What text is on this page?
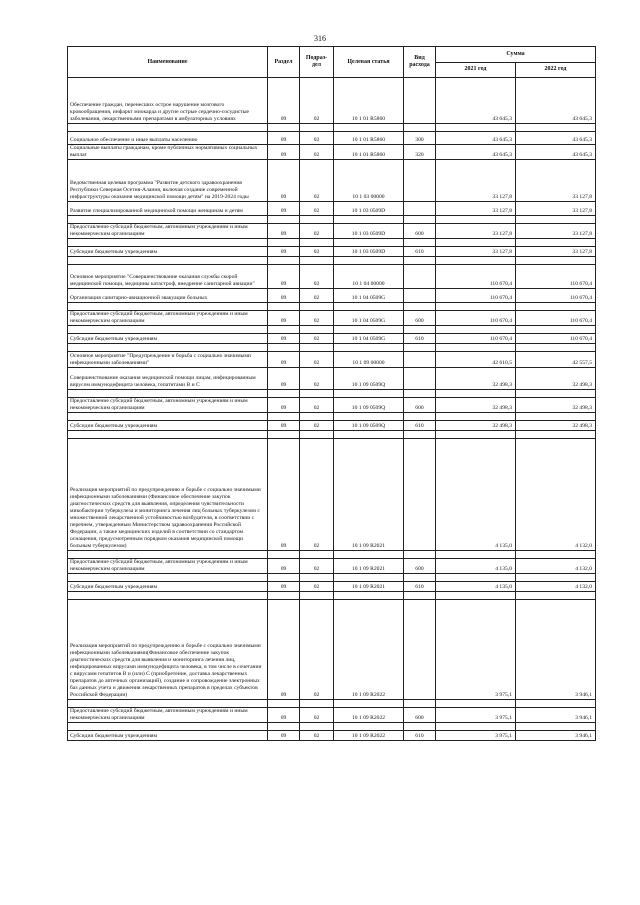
316
Наименование	Раздел	Подраз-дел	Целевая статья	Вид расхода	Сумма	
					2021 год	2022 год
Обеспечение граждан, перенесших острое нарушение мозгового кровообращения, инфаркт миокарда и другие острые сердечно-сосудистые заболевания, лекарственными препаратами в амбулаторных условиях	09	02	10 1 01 R5860		43 645,3	43 645,3

Социальное обеспечение и иные выплаты населению	09	02	10 1 01 R5860	300	43 645,3	43 645,3
Социальные выплаты гражданам, кроме публичных нормативных социальных выплат	09	02	10 1 01 R5860	320	43 645,3	43 645,3
Ведомственная целевая программа "Развитие детского здравоохранения Республики Северная Осетия-Алания, включая создание современной инфраструктуры оказания медицинской помощи детям" на 2019-2024 годы	09	02	10 1 03 00000		33 127,8	33 127,8
Развитие специализированной медицинской помощи женщинам и детям	09	02	10 1 03 0509D		33 127,8	33 127,8

Предоставление субсидий бюджетным, автономным учреждениям и иным некоммерческим организациям	09	02	10 1 03 0509D	600	33 127,8	33 127,8

Субсидии бюджетным учреждениям	09	02	10 1 03 0509D	610	33 127,8	33 127,8

Основное мероприятие "Совершенствование оказания службы скорой медицинской помощи, медицины катастроф, внедрение санитарной авиации"	09	02	10 1 04 00000		110 670,4	110 670,4
Организация санитарно-авиационной эвакуации больных	09	02	10 1 04 0509G		110 670,4	110 670,4

Предоставление субсидий бюджетным, автономным учреждениям и иным некоммерческим организациям	09	02	10 1 04 0509G	600	110 670,4	110 670,4

Субсидии бюджетным учреждениям	09	02	10 1 04 0509G	610	110 670,4	110 670,4

Основное мероприятие "Предупреждение и борьба с социально значимыми инфекционными заболеваниями"	09	02	10 1 09 00000		42 610,5	42 557,5
Совершенствование оказания медицинской помощи лицам, инфицированным вирусом иммунодефицита человека, гепатитами B и C	09	02	10 1 09 0509Q		32 498,3	32 498,3

Предоставление субсидий бюджетным, автономным учреждениям и иным некоммерческим организациям	09	02	10 1 09 0509Q	600	32 498,3	32 498,3

Субсидии бюджетным учреждениям	09	02	10 1 09 0509Q	610	32 498,3	32 498,3

Реализация мероприятий по предупреждению и борьбе с социально значимыми инфекционными заболеваниями (Финансовое обеспечение закупок диагностических средств для выявления, определения чувствительности микобактерии туберкулеза и мониторинга лечения лиц больных туберкулезом с множественной лекарственной устойчивостью возбудителя, в соответствии с перечнем, утвержденным Министерством здравоохранения Российской Федерации, а также медицинских изделий в соответствии со стандартом оснащения, предусмотренным порядком оказания медицинской помощи больным туберкулезом)	09	02	10 1 09 R2021		4 135,0	4 132,0

Предоставление субсидий бюджетным, автономным учреждениям и иным некоммерческим организациям	09	02	10 1 09 R2021	600	4 135,0	4 132,0

Субсидии бюджетным учреждениям	09	02	10 1 09 R2021	610	4 135,0	4 132,0

Реализация мероприятий по предупреждению и борьбе с социально значимыми инфекционными заболеваниями(Финансовое обеспечение закупок диагностических средств для выявления и мониторинга лечения лиц, инфицированных вирусами иммунодефицита человека, в том числе в сочетании с вирусами гепатитов B и (или) C (приобретение, доставка лекарственных препаратов до аптечных организаций), создание и сопровождение электронных баз данных учета и движения лекарственных препаратов в пределах субъектов Российской Федерации)	09	02	10 1 09 R2022		3 975,1	3 946,1

Предоставление субсидий бюджетным, автономным учреждениям и иным некоммерческим организациям	09	02	10 1 09 R2022	600	3 975,1	3 946,1

Субсидии бюджетным учреждениям	09	02	10 1 09 R2022	610	3 975,1	3 946,1
